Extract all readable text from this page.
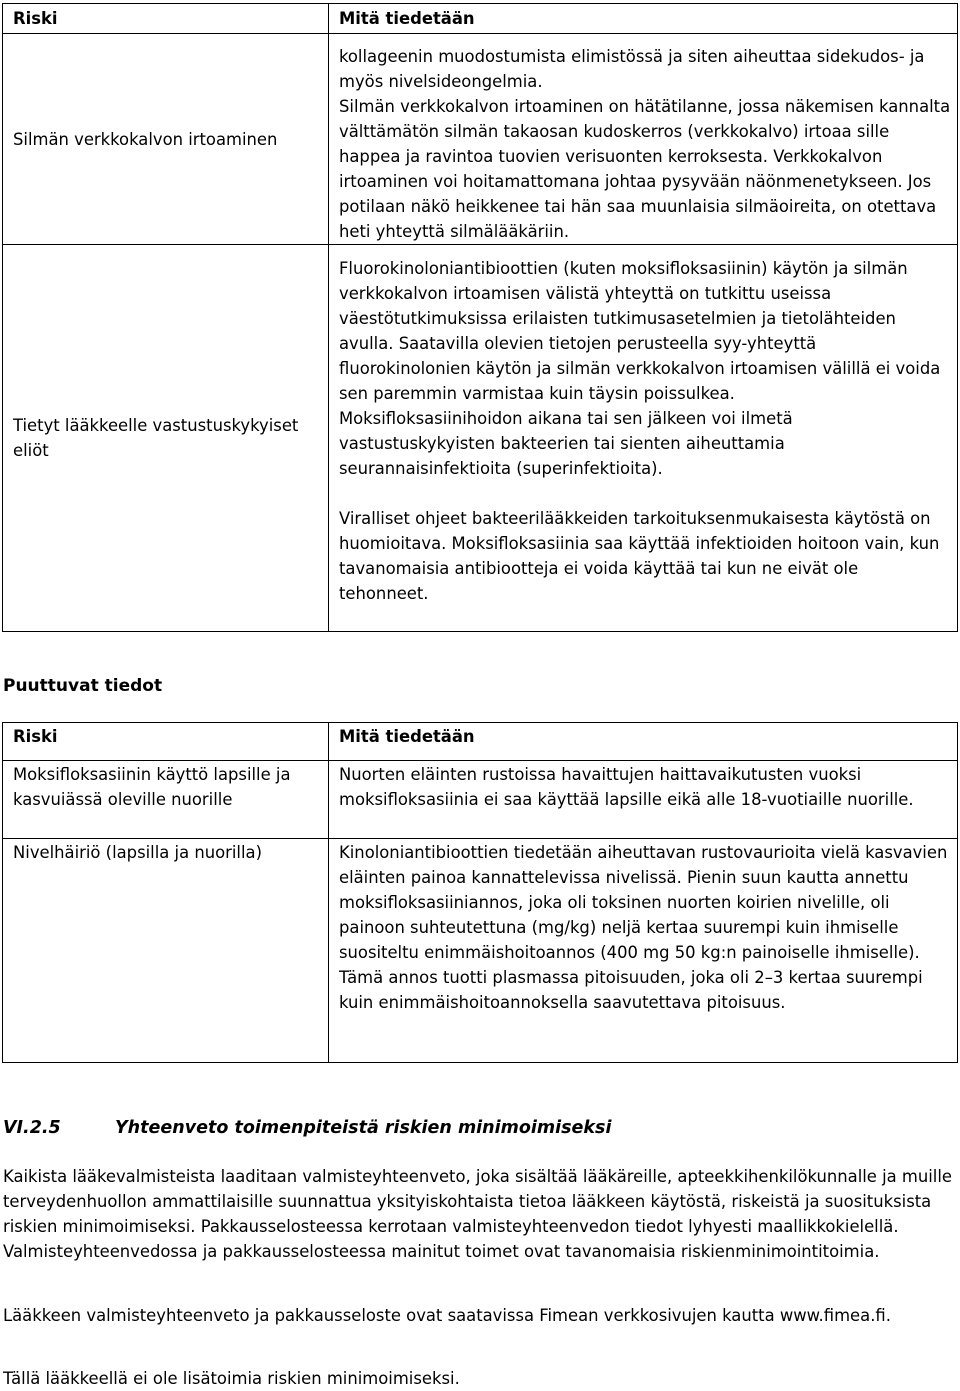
Riski	Mitä tiedetään
Silmän verkkokalvon irtoaminen	kollageenin muodostumista elimistössä ja siten aiheuttaa sidekudos- ja myös nivelsideongelmia.

Silmän verkkokalvon irtoaminen on hätätilanne, jossa näkemisen kannalta välttämätön silmän takaosan kudoskerros (verkkokalvo) irtoaa sille happea ja ravintoa tuovien verisuonten kerroksesta. Verkkokalvon irtoaminen voi hoitamattomana johtaa pysyvään näönmenetykseen. Jos potilaan näkö heikkenee tai hän saa muunlaisia silmäoireita, on otettava heti yhteyttä silmälääkäriin.

Tietyt lääkkeelle vastustuskykyiset eliöt	Fluorokinoloniantibioottien (kuten moksifloksasiinin) käytön ja silmän verkkokalvon irtoamisen välistä yhteyttä on tutkittu useissa väestötutkimuksissa erilaisten tutkimusasetelmien ja tietolähteiden avulla. Saatavilla olevien tietojen perusteella syy-yhteyttä fluorokinolonien käytön ja silmän verkkokalvon irtoamisen välillä ei voida sen paremmin varmistaa kuin täysin poissulkea.

Moksifloksasiinihoidon aikana tai sen jälkeen voi ilmetä vastustuskykyisten bakteerien tai sienten aiheuttamia seurannaisinfektioita (superinfektioita).

Viralliset ohjeet bakteerilääkkeiden tarkoituksenmukaisesta käytöstä on huomioitava. Moksifloksasiinia saa käyttää infektioiden hoitoon vain, kun tavanomaisia antibiootteja ei voida käyttää tai kun ne eivät ole tehonneet.

Puuttuvat tiedot
Riski	Mitä tiedetään
Moksifloksasiinin käyttö lapsille ja kasvuiässä oleville nuorille	Nuorten eläinten rustoissa havaittujen haittavaikutusten vuoksi moksifloksasiinia ei saa käyttää lapsille eikä alle 18-vuotiaille nuorille.
Nivelhäiriö (lapsilla ja nuorilla)	Kinoloniantibioottien tiedetään aiheuttavan rustovaurioita vielä kasvavien eläinten painoa kannattelevissa nivelissä. Pienin suun kautta annettu moksifloksasiiniannos, joka oli toksinen nuorten koirien nivelille, oli painoon suhteutettuna (mg/kg) neljä kertaa suurempi kuin ihmiselle suositeltu enimmäishoitoannos (400 mg 50 kg:n painoiselle ihmiselle). Tämä annos tuotti plasmassa pitoisuuden, joka oli 2–3 kertaa suurempi kuin enimmäishoitoannoksella saavutettava pitoisuus.
VI.2.5	Yhteenveto toimenpiteistä riskien minimoimiseksi
Kaikista lääkevalmisteista laaditaan valmisteyhteenveto, joka sisältää lääkäreille, apteekkihenkilökunnalle ja muille terveydenhuollon ammattilaisille suunnattua yksityiskohtaista tietoa lääkkeen käytöstä, riskeistä ja suosituksista riskien minimoimiseksi. Pakkausselosteessa kerrotaan valmisteyhteenvedon tiedot lyhyesti maallikkokielellä. Valmisteyhteenvedossa ja pakkausselosteessa mainitut toimet ovat tavanomaisia riskienminimointitoimia.
Lääkkeen valmisteyhteenveto ja pakkausseloste ovat saatavissa Fimean verkkosivujen kautta www.fimea.fi.
Tällä lääkkeellä ei ole lisätoimia riskien minimoimiseksi.
